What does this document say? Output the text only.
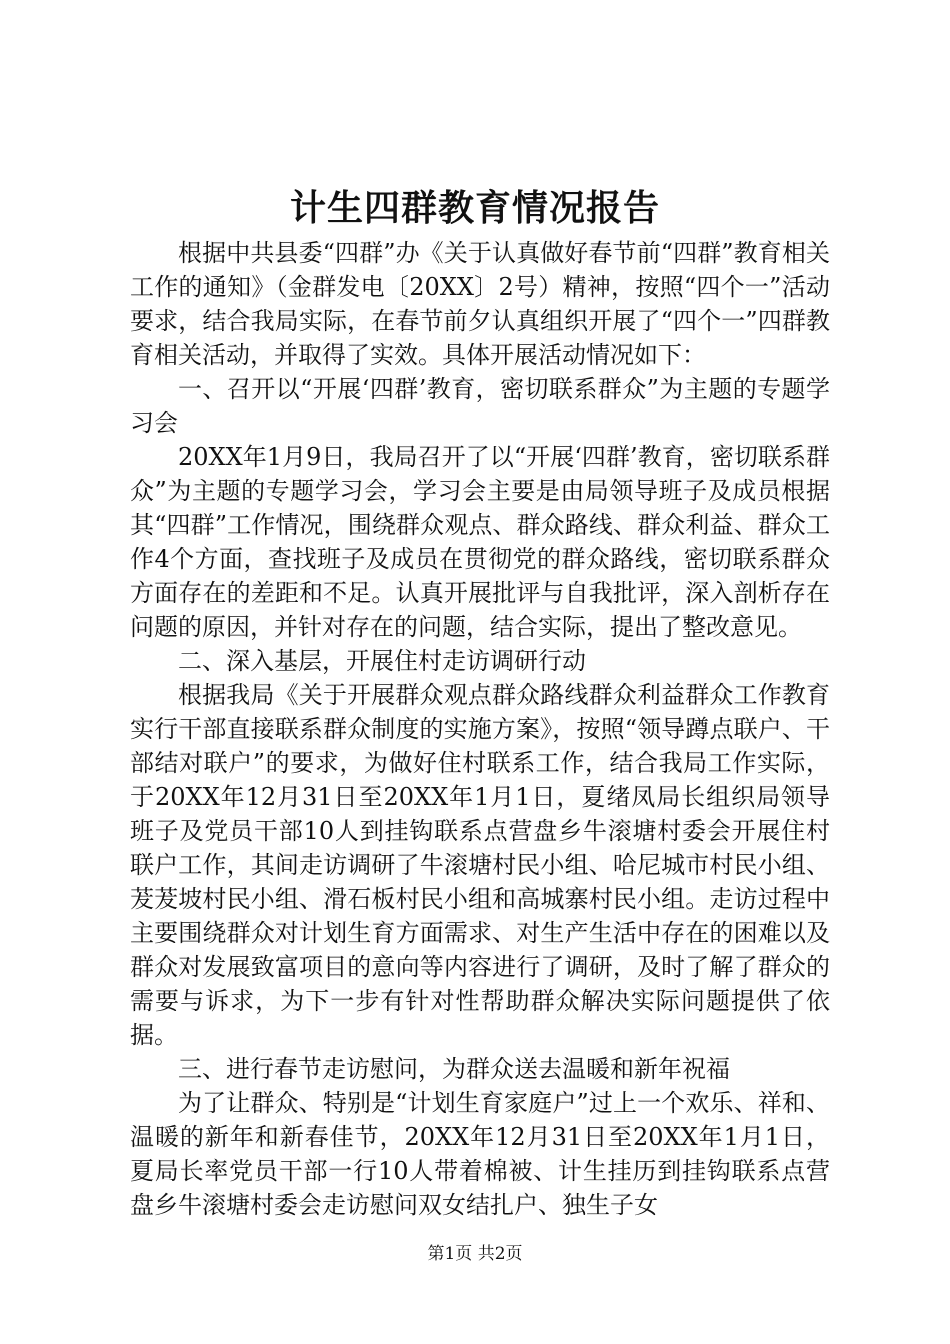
计生四群教育情况报告

根据中共县委“四群”办《关于认真做好春节前“四群”教育相关工作的通知》（金群发电〔20XX〕2号）精神，按照“四个一”活动要求，结合我局实际，在春节前夕认真组织开展了“四个一”四群教育相关活动，并取得了实效。具体开展活动情况如下：

一、召开以“开展‘四群’教育，密切联系群众”为主题的专题学习会

20XX年1月9日，我局召开了以“开展‘四群’教育，密切联系群众”为主题的专题学习会，学习会主要是由局领导班子及成员根据其“四群”工作情况，围绕群众观点、群众路线、群众利益、群众工作4个方面，查找班子及成员在贯彻党的群众路线，密切联系群众方面存在的差距和不足。认真开展批评与自我批评，深入剖析存在问题的原因，并针对存在的问题，结合实际，提出了整改意见。

二、深入基层，开展住村走访调研行动

根据我局《关于开展群众观点群众路线群众利益群众工作教育实行干部直接联系群众制度的实施方案》，按照“领导蹲点联户、干部结对联户”的要求，为做好住村联系工作，结合我局工作实际，于20XX年12月31日至20XX年1月1日，夏绪凤局长组织局领导班子及党员干部10人到挂钩联系点营盘乡牛滚塘村委会开展住村联户工作，其间走访调研了牛滚塘村民小组、哈尼城市村民小组、茇茇坡村民小组、滑石板村民小组和高城寨村民小组。走访过程中主要围绕群众对计划生育方面需求、对生产生活中存在的困难以及群众对发展致富项目的意向等内容进行了调研，及时了解了群众的需要与诉求，为下一步有针对性帮助群众解决实际问题提供了依据。

三、进行春节走访慰问，为群众送去温暖和新年祝福

为了让群众、特别是“计划生育家庭户”过上一个欢乐、祥和、温暖的新年和新春佳节，20XX年12月31日至20XX年1月1日，夏局长率党员干部一行10人带着棉被、计生挂历到挂钩联系点营盘乡牛滚塘村委会走访慰问双女结扎户、独生子女

第1页 共2页
